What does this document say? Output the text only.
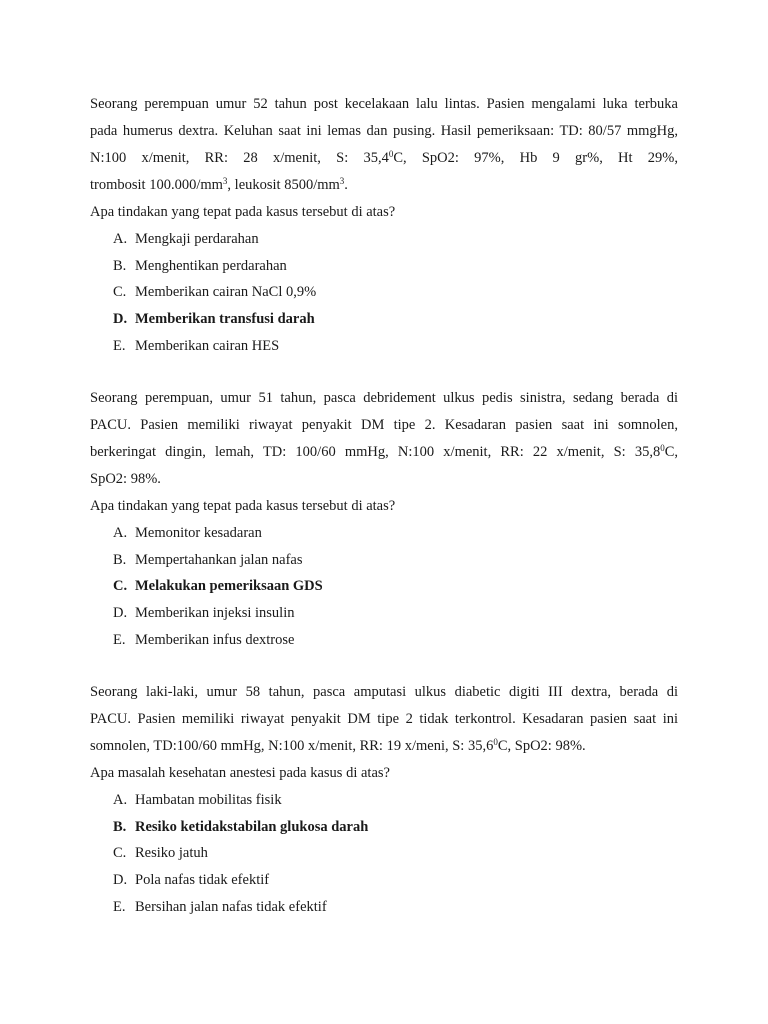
Seorang perempuan umur 52 tahun post kecelakaan lalu lintas. Pasien mengalami luka terbuka
pada humerus dextra. Keluhan saat ini lemas dan pusing. Hasil pemeriksaan: TD: 80/57 mmgHg,
N:100 x/menit, RR: 28 x/menit, S: 35,4$^0$C, SpO2: 97%, Hb 9 gr%, Ht 29%,
trombosit $100.000/mm^3$, leukosit $8500/mm^3$.

Apa tindakan yang tepat pada kasus tersebut di atas?

A. Mengkaji perdarahan
B. Menghentikan perdarahan
C. Memberikan cairan NaCl 0,9%
D. Memberikan transfusi darah
E. Memberikan cairan HES

Seorang perempuan, umur 51 tahun, pasca debridement ulkus pedis sinistra, sedang berada di
PACU. Pasien memiliki riwayat penyakit DM tipe 2. Kesadaran pasien saat ini somnolen,
berkeringat dingin, lemah, TD: 100/60 mmHg, N:100 x/menit, RR: 22 x/menit, S: 35,8$^0$C,
SpO2: 98%.

Apa tindakan yang tepat pada kasus tersebut di atas?

A. Memonitor kesadaran
B. Mempertahankan jalan nafas
C. Melakukan pemeriksaan GDS
D. Memberikan injeksi insulin
E. Memberikan infus dextrose

Seorang laki-laki, umur 58 tahun, pasca amputasi ulkus diabetic digiti III dextra, berada di
PACU. Pasien memiliki riwayat penyakit DM tipe 2 tidak terkontrol. Kesadaran pasien saat ini
somnolen, TD:100/60 mmHg, N:100 x/menit, RR: 19 x/meni, S: 35,6$^0$C, SpO2: 98%.

Apa masalah kesehatan anestesi pada kasus di atas?

A. Hambatan mobilitas fisik
B. Resiko ketidakstabilan glukosa darah
C. Resiko jatuh
D. Pola nafas tidak efektif
E. Bersihan jalan nafas tidak efektif
